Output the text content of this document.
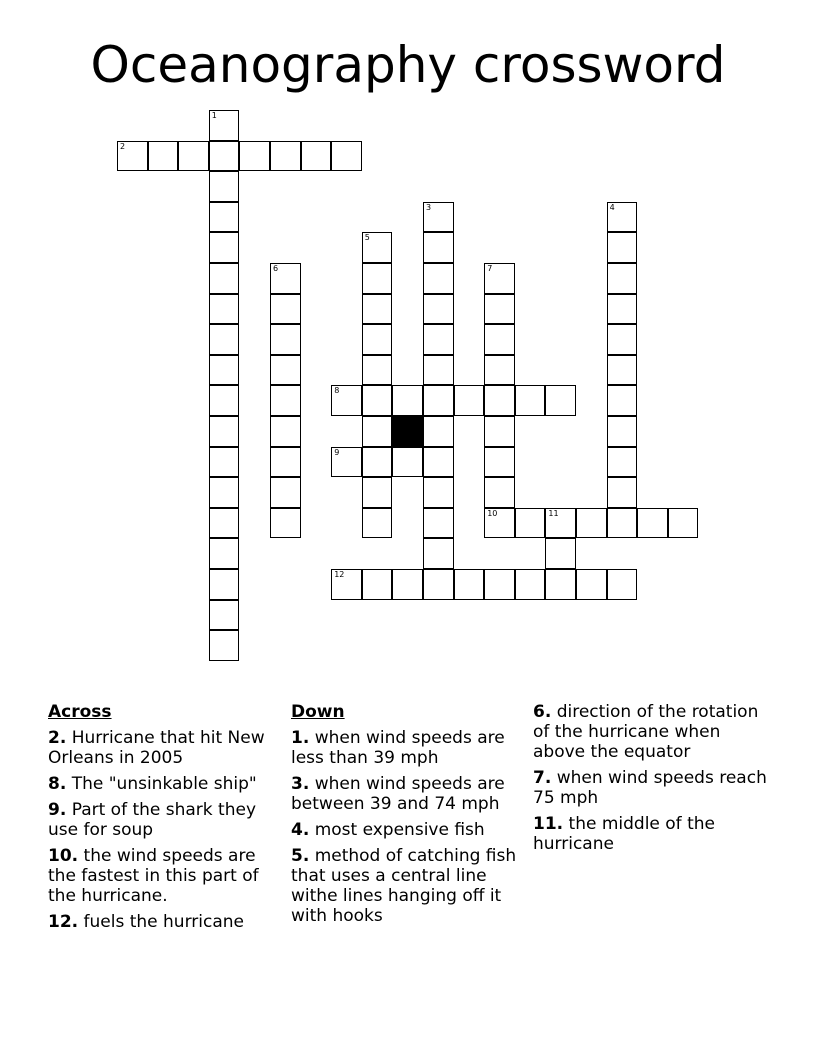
Oceanography crossword
1
2
3	4
5
6	7
8
9
10	11
12
Across
2. Hurricane that hit New Orleans in 2005
8. The "unsinkable ship"
9. Part of the shark they use for soup
10. the wind speeds are the fastest in this part of the hurricane.
12. fuels the hurricane
Down
1. when wind speeds are less than 39 mph
3. when wind speeds are between 39 and 74 mph
4. most expensive fish
5. method of catching fish that uses a central line withe lines hanging off it with hooks
6. direction of the rotation of the hurricane when above the equator
7. when wind speeds reach 75 mph
11. the middle of the hurricane
